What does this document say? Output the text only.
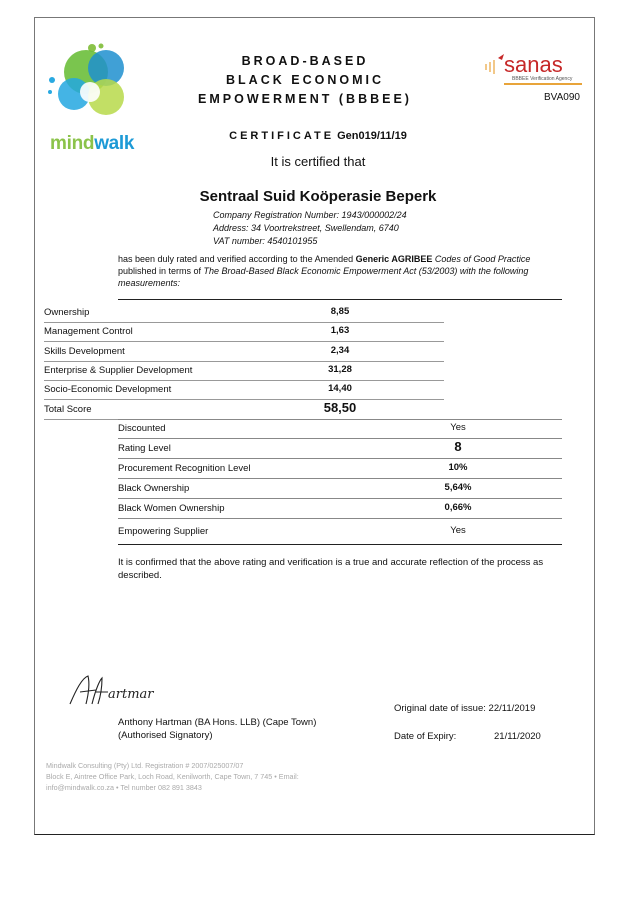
mindwalk
BROAD-BASED
BLACK ECONOMIC
EMPOWERMENT (BBBEE)
sanas
BBBEE Verification Agency
BVA090
CERTIFICATE Gen019/11/19
It is certified that
Sentraal Suid Koöperasie Beperk
Company Registration Number: 1943/000002/24
Address: 34 Voortrekstreet, Swellendam, 6740
VAT number: 4540101955
has been duly rated and verified according to the Amended Generic AGRIBEE Codes of Good Practice published in terms of The Broad-Based Black Economic Empowerment Act (53/2003) with the following measurements:
Ownership	8,85
Management Control	1,63
Skills Development	2,34
Enterprise & Supplier Development	31,28
Socio-Economic Development	14,40
Total Score	58,50
Discounted	Yes
Rating Level	8
Procurement Recognition Level	10%
Black Ownership	5,64%
Black Women Ownership	0,66%
Empowering Supplier	Yes
It is confirmed that the above rating and verification is a true and accurate reflection of the process as described.
artmar
Anthony Hartman (BA Hons. LLB) (Cape Town)
(Authorised Signatory)
Original date of issue: 22/11/2019
Date of Expiry:	21/11/2020
Mindwalk Consulting (Pty) Ltd. Registration # 2007/025007/07
Block E, Aintree Office Park, Loch Road, Kenilworth, Cape Town, 7 745 • Email:
info@mindwalk.co.za • Tel number 082 891 3843
